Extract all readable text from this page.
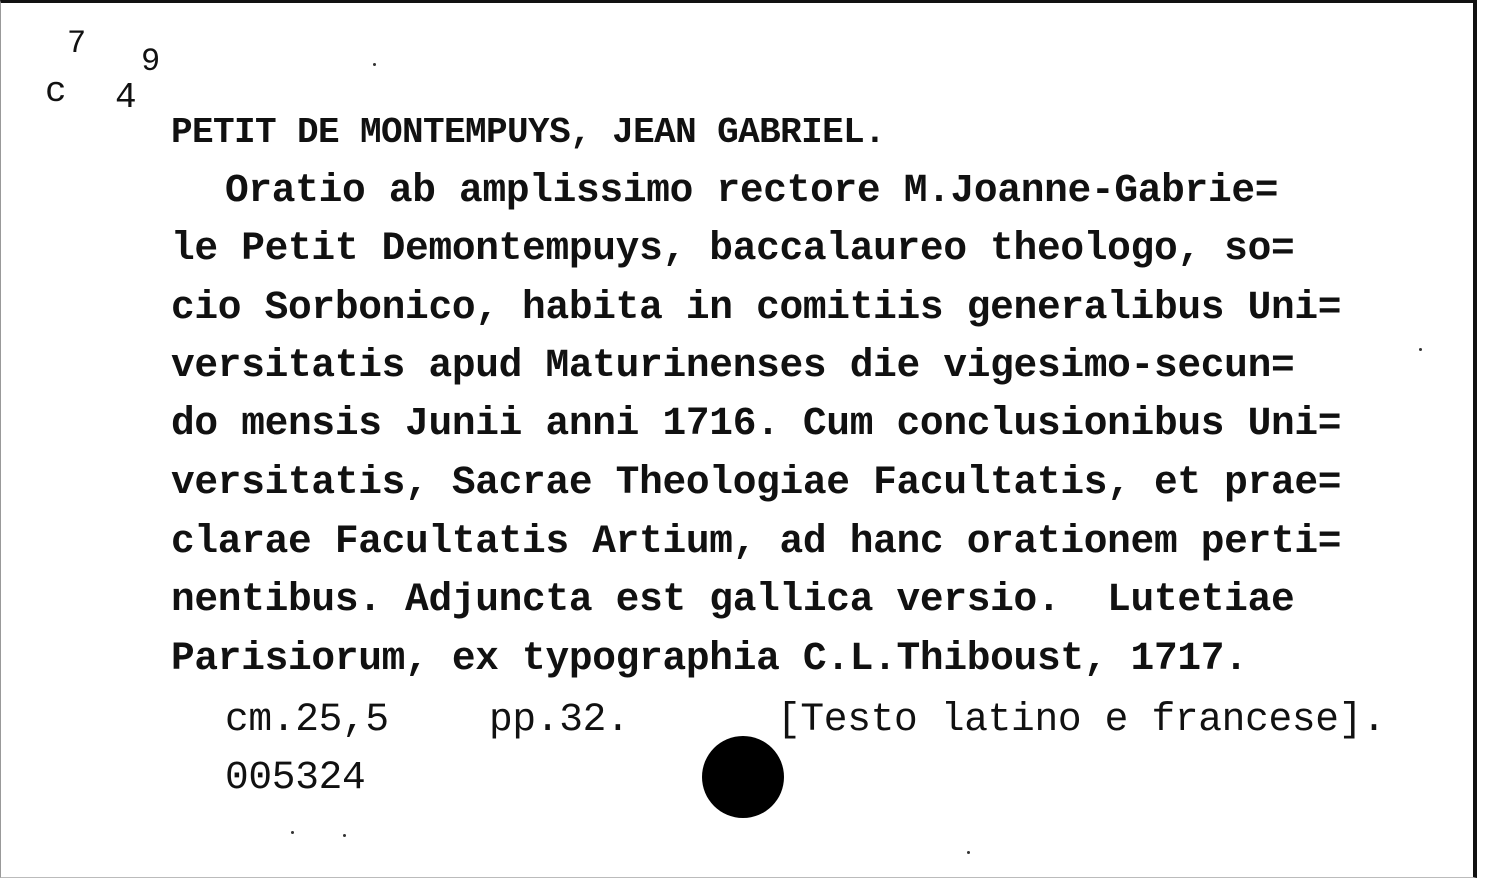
c
7
4
9
PETIT DE MONTEMPUYS, JEAN GABRIEL.
Oratio ab amplissimo rectore M.Joanne-Gabrie=
le Petit Demontempuys, baccalaureo theologo, so=
cio Sorbonico, habita in comitiis generalibus Uni=
versitatis apud Maturinenses die vigesimo-secun=
do mensis Junii anni 1716. Cum conclusionibus Uni=
versitatis, Sacrae Theologiae Facultatis, et prae=
clarae Facultatis Artium, ad hanc orationem perti=
nentibus. Adjuncta est gallica versio.  Lutetiae
Parisiorum, ex typographia C.L.Thiboust, 1717.
cm.25,5	pp.32.	[Testo latino e francese].
005324
